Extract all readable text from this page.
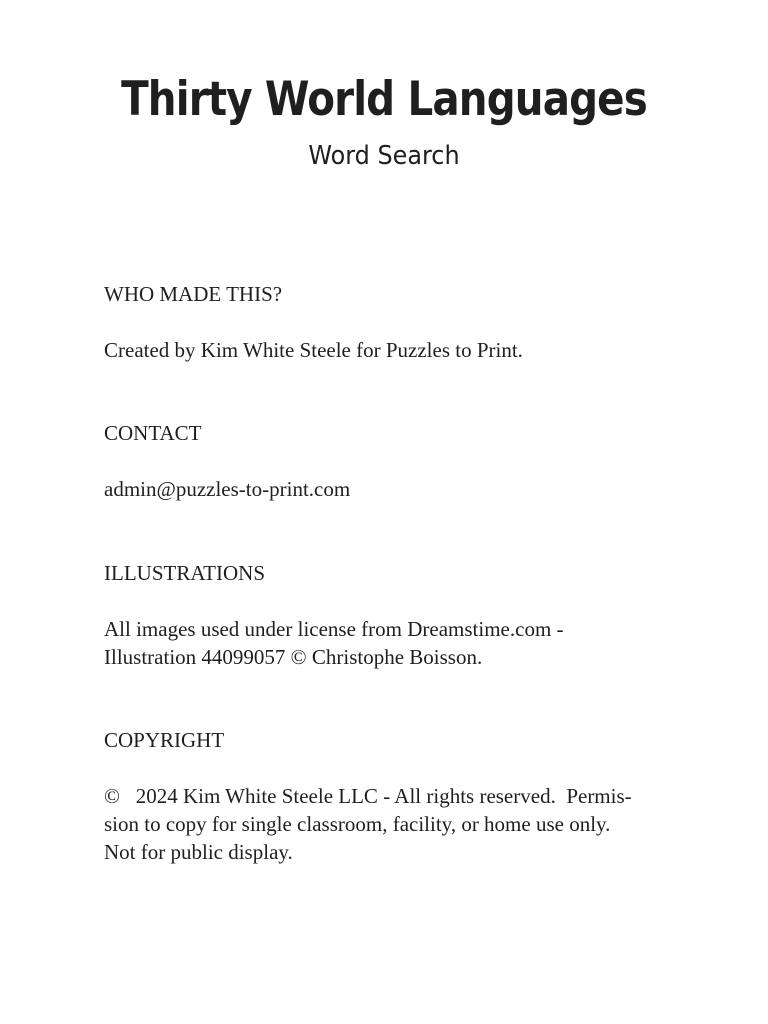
Thirty World Languages
Word Search

WHO MADE THIS?

Created by Kim White Steele for Puzzles to Print.

CONTACT

admin@puzzles-to-print.com

ILLUSTRATIONS

All images used under license from Dreamstime.com -

Illustration 44099057 © Christophe Boisson.

COPYRIGHT

©   2024 Kim White Steele LLC - All rights reserved.  Permis-
sion to copy for single classroom, facility, or home use only.
Not for public display.
